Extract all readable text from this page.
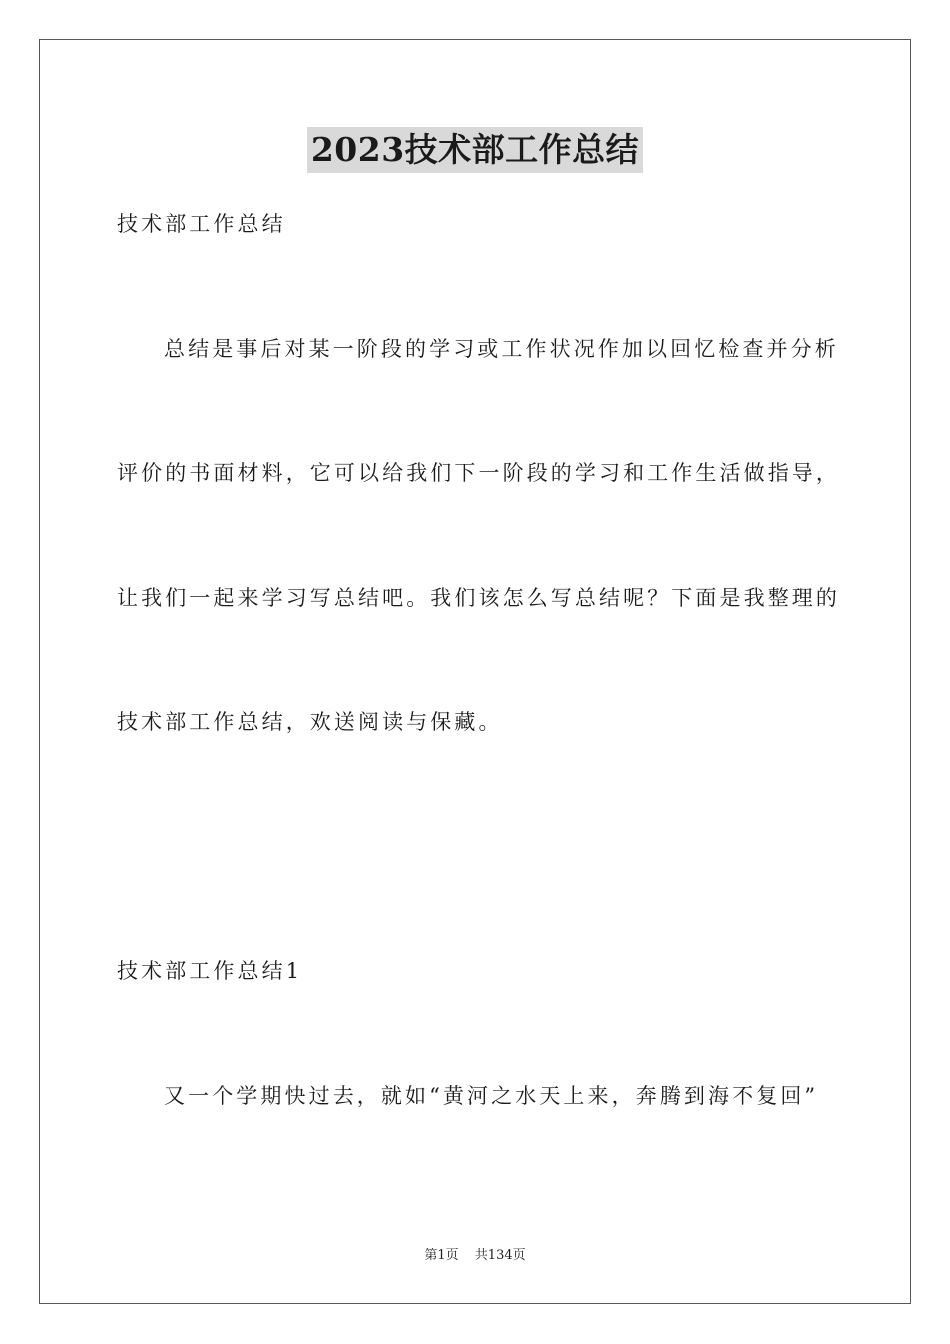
2023技术部工作总结
技术部工作总结
总结是事后对某一阶段的学习或工作状况作加以回忆检查并分析
评价的书面材料，它可以给我们下一阶段的学习和工作生活做指导，
让我们一起来学习写总结吧。我们该怎么写总结呢？下面是我整理的
技术部工作总结，欢送阅读与保藏。
技术部工作总结1
又一个学期快过去，就如“黄河之水天上来，奔腾到海不复回”
第1页 共134页
